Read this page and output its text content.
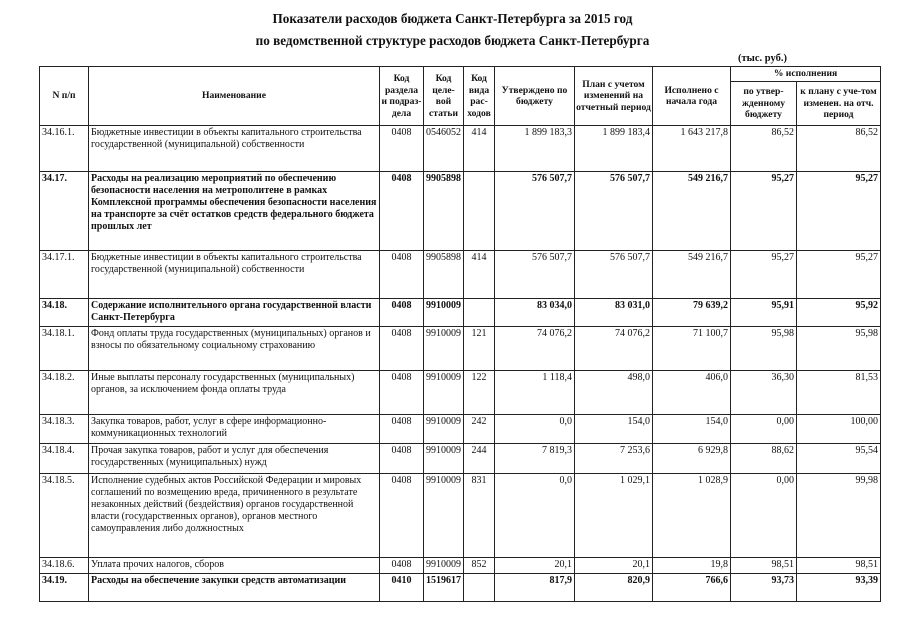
Показатели расходов бюджета Санкт-Петербурга за 2015 год
по ведомственной структуре расходов бюджета Санкт-Петербурга
(тыс. руб.)
N п/п	Наименование	Код раздела и подраз-дела	Код целе-вой статьи	Код вида рас-ходов	Утверждено по бюджету	План с учетом изменений на отчетный период	Исполнено с начала года	% исполнения	
								по утвер-жденному бюджету	к плану с уче-том изменен. на отч. период
34.16.1.	Бюджетные инвестиции в объекты капитального строительства государственной (муниципальной) собственности	0408	0546052	414	1 899 183,3	1 899 183,4	1 643 217,8	86,52	86,52
34.17.	Расходы на реализацию мероприятий по обеспечению безопасности населения на метрополитене в рамках Комплексной программы обеспечения безопасности населения на транспорте за счёт остатков средств федерального бюджета прошлых лет	0408	9905898		576 507,7	576 507,7	549 216,7	95,27	95,27
34.17.1.	Бюджетные инвестиции в объекты капитального строительства государственной (муниципальной) собственности	0408	9905898	414	576 507,7	576 507,7	549 216,7	95,27	95,27
34.18.	Содержание исполнительного органа государственной власти Санкт-Петербурга	0408	9910009		83 034,0	83 031,0	79 639,2	95,91	95,92
34.18.1.	Фонд оплаты труда государственных (муниципальных) органов и взносы по обязательному социальному страхованию	0408	9910009	121	74 076,2	74 076,2	71 100,7	95,98	95,98
34.18.2.	Иные выплаты персоналу государственных (муниципальных) органов, за исключением фонда оплаты труда	0408	9910009	122	1 118,4	498,0	406,0	36,30	81,53
34.18.3.	Закупка товаров, работ, услуг в сфере информационно-коммуникационных технологий	0408	9910009	242	0,0	154,0	154,0	0,00	100,00
34.18.4.	Прочая закупка товаров, работ и услуг для обеспечения государственных (муниципальных) нужд	0408	9910009	244	7 819,3	7 253,6	6 929,8	88,62	95,54
34.18.5.	Исполнение судебных актов Российской Федерации и мировых соглашений по возмещению вреда, причиненного в результате незаконных действий (бездействия) органов государственной власти (государственных органов), органов местного самоуправления либо должностных	0408	9910009	831	0,0	1 029,1	1 028,9	0,00	99,98
34.18.6.	Уплата прочих налогов, сборов	0408	9910009	852	20,1	20,1	19,8	98,51	98,51
34.19.	Расходы на обеспечение закупки средств автоматизации	0410	1519617		817,9	820,9	766,6	93,73	93,39
